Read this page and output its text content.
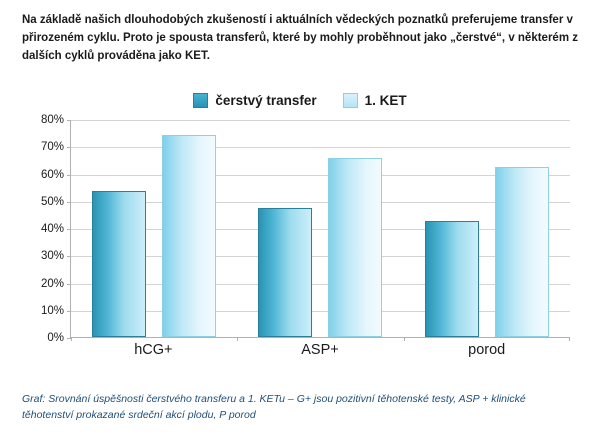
Na základě našich dlouhodobých zkušeností i aktuálních vědeckých poznatků preferujeme transfer v přirozeném cyklu. Proto je spousta transferů, které by mohly proběhnout jako „čerstvé“, v některém z dalších cyklů prováděna jako KET.
čerstvý transfer	1. KET
80%
70%
60%
50%
40%
30%
20%
10%
0%
hCG+	ASP+	porod
Graf: Srovnání úspěšnosti čerstvého transferu a 1. KETu – G+ jsou pozitivní těhotenské testy, ASP + klinické těhotenství prokazané srdeční akcí plodu, P porod
